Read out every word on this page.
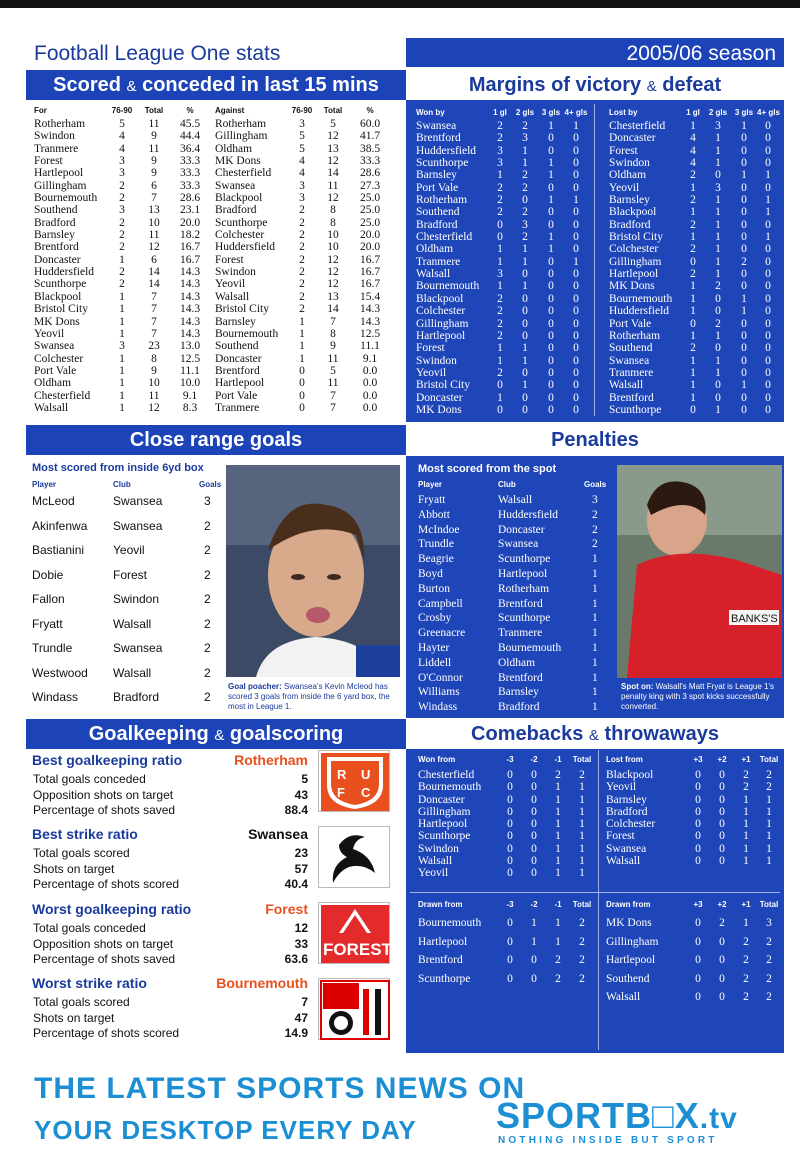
Football League One stats	2005/06 season
Scored & conceded in last 15 mins
For	76-90	Total	%
Rotherham	5	11	45.5
Swindon	4	9	44.4
Tranmere	4	11	36.4
Forest	3	9	33.3
Hartlepool	3	9	33.3
Gillingham	2	6	33.3
Bournemouth	2	7	28.6
Southend	3	13	23.1
Bradford	2	10	20.0
Barnsley	2	11	18.2
Brentford	2	12	16.7
Doncaster	1	6	16.7
Huddersfield	2	14	14.3
Scunthorpe	2	14	14.3
Blackpool	1	7	14.3
Bristol City	1	7	14.3
MK Dons	1	7	14.3
Yeovil	1	7	14.3
Swansea	3	23	13.0
Colchester	1	8	12.5
Port Vale	1	9	11.1
Oldham	1	10	10.0
Chesterfield	1	11	9.1
Walsall	1	12	8.3
Against	76-90	Total	%
Rotherham	3	5	60.0
Gillingham	5	12	41.7
Oldham	5	13	38.5
MK Dons	4	12	33.3
Chesterfield	4	14	28.6
Swansea	3	11	27.3
Blackpool	3	12	25.0
Bradford	2	8	25.0
Scunthorpe	2	8	25.0
Colchester	2	10	20.0
Huddersfield	2	10	20.0
Forest	2	12	16.7
Swindon	2	12	16.7
Yeovil	2	12	16.7
Walsall	2	13	15.4
Bristol City	2	14	14.3
Barnsley	1	7	14.3
Bournemouth	1	8	12.5
Southend	1	9	11.1
Doncaster	1	11	9.1
Brentford	0	5	0.0
Hartlepool	0	11	0.0
Port Vale	0	7	0.0
Tranmere	0	7	0.0
Margins of victory & defeat
Won by	1 gl	2 gls 3 gls 4+ gls
Swansea	2	2	1	1
Brentford	2	3	0	0
Huddersfield	3	1	0	0
Scunthorpe	3	1	1	0
Barnsley	1	2	1	0
Port Vale	2	2	0	0
Rotherham	2	0	1	1
Southend	2	2	0	0
Bradford	0	3	0	0
Chesterfield	0	2	1	0
Oldham	1	1	1	0
Tranmere	1	1	0	1
Walsall	3	0	0	0
Bournemouth	1	1	0	0
Blackpool	2	0	0	0
Colchester	2	0	0	0
Gillingham	2	0	0	0
Hartlepool	2	0	0	0
Forest	1	1	0	0
Swindon	1	1	0	0
Yeovil	2	0	0	0
Bristol City	0	1	0	0
Doncaster	1	0	0	0
MK Dons	0	0	0	0
Lost by	1 gl	2 gls 3 gls 4+ gls
Chesterfield	1	3	1	0
Doncaster	4	1	0	0
Forest	4	1	0	0
Swindon	4	1	0	0
Oldham	2	0	1	1
Yeovil	1	3	0	0
Barnsley	2	1	0	1
Blackpool	1	1	0	1
Bradford	2	1	0	0
Bristol City	1	1	0	1
Colchester	2	1	0	0
Gillingham	0	1	2	0
Hartlepool	2	1	0	0
MK Dons	1	2	0	0
Bournemouth	1	0	1	0
Huddersfield	1	0	1	0
Port Vale	0	2	0	0
Rotherham	1	1	0	0
Southend	2	0	0	0
Swansea	1	1	0	0
Tranmere	1	1	0	0
Walsall	1	0	1	0
Brentford	1	0	0	0
Scunthorpe	0	1	0	0
Close range goals
Most scored from inside 6yd box
Player	Club	Goals
McLeod	Swansea	3
Akinfenwa Swansea	2
Bastianini Yeovil	2
Dobie	Forest	2
Fallon	Swindon	2
Fryatt	Walsall	2
Trundle	Swansea	2
Westwood Walsall	2
Windass	Bradford	2
Goal poacher: Swansea's Kevin Mcleod has scored 3 goals from inside the 6 yard box, the most in League 1.
Penalties
Most scored from the spot
Player	Club	Goals
Fryatt	Walsall	3
Abbott	Huddersfield	2
McIndoe	Doncaster	2
Trundle	Swansea	2
Beagrie	Scunthorpe	1
Boyd	Hartlepool	1
Burton	Rotherham	1
Campbell	Brentford	1
Crosby	Scunthorpe	1
Greenacre	Tranmere	1
Hayter	Bournemouth	1
Liddell	Oldham	1
O'Connor	Brentford	1
Williams	Barnsley	1
Windass	Bradford	1
BANKS'S
Spot on: Walsall's Matt Fryat is League 1's penalty king with 3 spot kicks successfully converted.
Goalkeeping & goalscoring
Best goalkeeping ratio	Rotherham
Total goals conceded	5
Opposition shots on target	43
Percentage of shots saved	88.4
Best strike ratio	Swansea
Total goals scored	23
Shots on target	57
Percentage of shots scored	40.4
Worst goalkeeping ratio	Forest
Total goals conceded	12
Opposition shots on target	33
Percentage of shots saved	63.6
Worst strike ratio	Bournemouth
Total goals scored	7
Shots on target	47
Percentage of shots scored	14.9
R U
F C
FOREST
Comebacks & throwaways
Won from	-3	-2	-1	Total
Chesterfield	0	0	2	2
Bournemouth	0	0	1	1
Doncaster	0	0	1	1
Gillingham	0	0	1	1
Hartlepool	0	0	1	1
Scunthorpe	0	0	1	1
Swindon	0	0	1	1
Walsall	0	0	1	1
Yeovil	0	0	1	1
Lost from	+3	+2	+1	Total
Blackpool	0	0	2	2
Yeovil	0	0	2	2
Barnsley	0	0	1	1
Bradford	0	0	1	1
Colchester	0	0	1	1
Forest	0	0	1	1
Swansea	0	0	1	1
Walsall	0	0	1	1
Drawn from	-3	-2	-1	Total
Bournemouth	0	1	1	2
Hartlepool	0	1	1	2
Brentford	0	0	2	2
Scunthorpe	0	0	2	2
Drawn from	+3	+2	+1	Total
MK Dons	0	2	1	3
Gillingham	0	0	2	2
Hartlepool	0	0	2	2
Southend	0	0	2	2
Walsall	0	0	2	2
THE LATEST SPORTS NEWS ON
YOUR DESKTOP EVERY DAY SPORTB□X.tv
NOTHING INSIDE BUT SPORT
